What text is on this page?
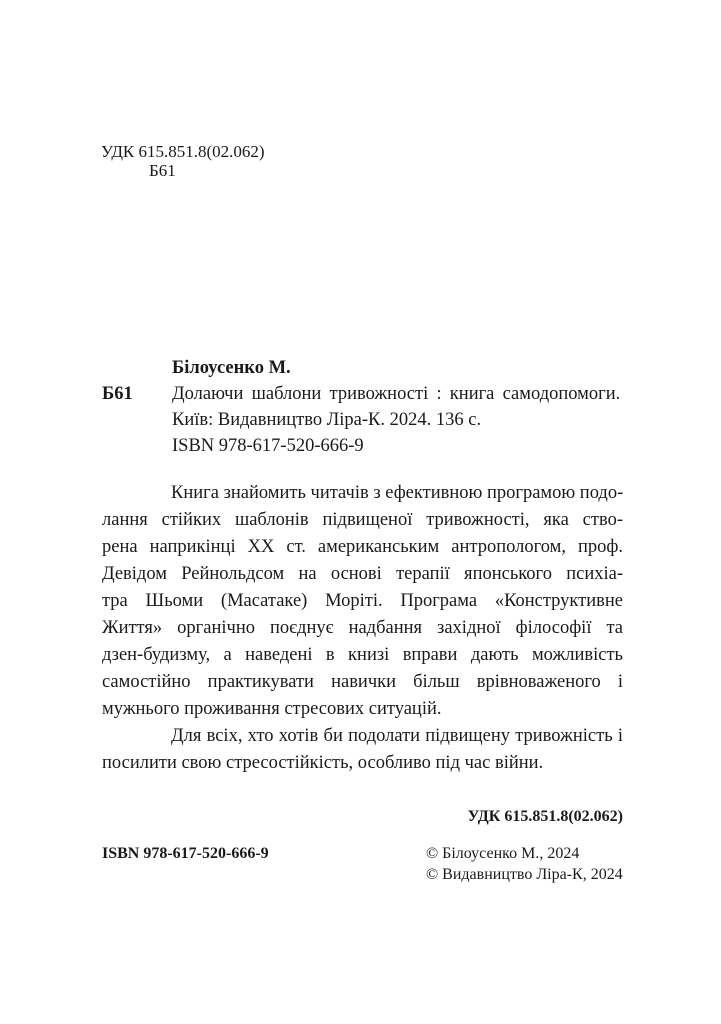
УДК 615.851.8(02.062)
Б61
Білоусенко М.
Б61 Долаючи шаблони тривожності : книга самодопомоги.
Київ: Видавництво Ліра-К. 2024. 136 с.
ISBN 978-617-520-666-9
Книга знайомить читачів з ефективною програмою подо-
лання стійких шаблонів підвищеної тривожності, яка ство-
рена наприкінці XX ст. американським антропологом, проф.
Девідом Рейнольдсом на основі терапії японського психіа-
тра Шьоми (Масатаке) Моріті. Програма «Конструктивне
Життя» органічно поєднує надбання західної філософії та
дзен-будизму, а наведені в книзі вправи дають можливість
самостійно практикувати навички більш врівноваженого і
мужнього проживання стресових ситуацій.
Для всіх, хто хотів би подолати підвищену тривожність і
посилити свою стресостійкість, особливо під час війни.
УДК 615.851.8(02.062)
ISBN 978-617-520-666-9	© Білоусенко М., 2024
© Видавництво Ліра-К, 2024
